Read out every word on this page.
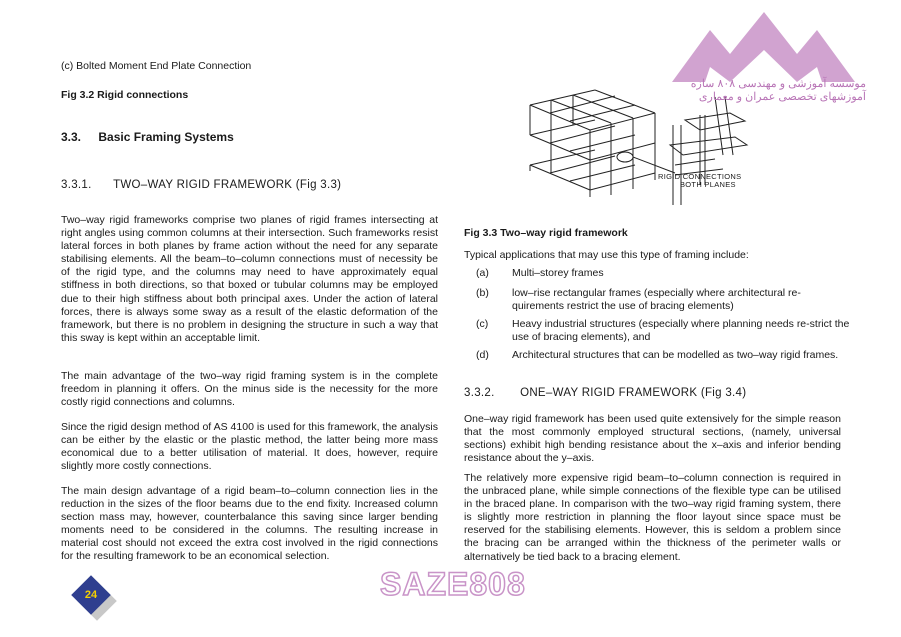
(c) Bolted Moment End Plate Connection
Fig 3.2 Rigid connections
3.3. Basic Framing Systems
3.3.1. TWO–WAY RIGID FRAMEWORK (Fig 3.3)
Two–way rigid frameworks comprise two planes of rigid frames intersecting at right angles using common columns at their intersection. Such frameworks resist lateral forces in both planes by frame action without the need for any separate stabilising elements. All the beam–to–column connections must of necessity be of the rigid type, and the columns may need to have approximately equal stiffness in both directions, so that boxed or tubular columns may be employed due to their high stiffness about both principal axes. Under the action of lateral forces, there is always some sway as a result of the elastic deformation of the framework, but there is no problem in designing the structure in such a way that this sway is kept within an acceptable limit.
The main advantage of the two–way rigid framing system is in the complete freedom in planning it offers. On the minus side is the necessity for the more costly rigid connections and columns.
Since the rigid design method of AS 4100 is used for this framework, the analysis can be either by the elastic or the plastic method, the latter being more mass economical due to a better utilisation of material. It does, however, require slightly more costly connections.
The main design advantage of a rigid beam–to–column connection lies in the reduction in the sizes of the floor beams due to the end fixity. Increased column section mass may, however, counterbalance this saving since larger bending moments need to be considered in the columns. The resulting increase in material cost should not exceed the extra cost involved in the rigid connections for the resulting framework to be an economical selection.
RIGID CONNECTIONS
BOTH PLANES
Fig 3.3 Two–way rigid framework
Typical applications that may use this type of framing include:
(a) Multi–storey frames
(b) low–rise rectangular frames (especially where architectural re-quirements restrict the use of bracing elements)
(c) Heavy industrial structures (especially where planning needs re-strict the use of bracing elements), and
(d) Architectural structures that can be modelled as two–way rigid frames.
3.3.2. ONE–WAY RIGID FRAMEWORK (Fig 3.4)
One–way rigid framework has been used quite extensively for the simple reason that the most commonly employed structural sections, (namely, universal sections) exhibit high bending resistance about the x–axis and inferior bending resistance about the y–axis.
The relatively more expensive rigid beam–to–column connection is required in the unbraced plane, while simple connections of the flexible type can be utilised in the braced plane. In comparison with the two–way rigid framing system, there is slightly more restriction in planning the floor layout since space must be reserved for the stabilising elements. However, this is seldom a problem since the bracing can be arranged within the thickness of the perimeter walls or alternatively be tied back to a bracing element.
24	SAZE808
موسسه آموزشی و مهندسی ۸۰۸ سازه
آموزشهای تخصصی عمران و معماری
